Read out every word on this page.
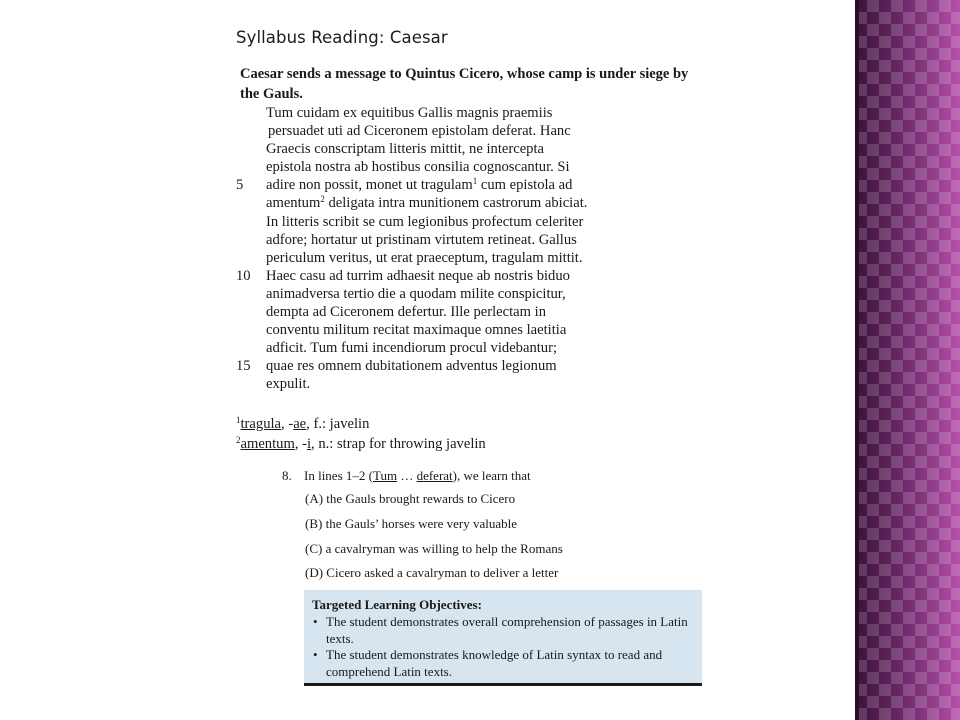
Syllabus Reading: Caesar
Caesar sends a message to Quintus Cicero, whose camp is under siege by the Gauls.
Tum cuidam ex equitibus Gallis magnis praemiis
persuadet uti ad Ciceronem epistolam deferat. Hanc
Graecis conscriptam litteris mittit, ne intercepta
epistola nostra ab hostibus consilia cognoscantur. Si
5	adire non possit, monet ut tragulam$^1$ cum epistola ad
amentum$^2$ deligata intra munitionem castrorum abiciat.
In litteris scribit se cum legionibus profectum celeriter
adfore; hortatur ut pristinam virtutem retineat. Gallus
periculum veritus, ut erat praeceptum, tragulam mittit.
10	Haec casu ad turrim adhaesit neque ab nostris biduo
animadversa tertio die a quodam milite conspicitur,
dempta ad Ciceronem defertur. Ille perlectam in
conventu militum recitat maximaque omnes laetitia
adficit. Tum fumi incendiorum procul videbantur;
15	quae res omnem dubitationem adventus legionum
expulit.
$^1$tragula, -ae, f.: javelin
$^2$amentum, -i, n.: strap for throwing javelin
8. In lines 1–2 (Tum … deferat), we learn that
(A) the Gauls brought rewards to Cicero
(B) the Gauls’ horses were very valuable
(C) a cavalryman was willing to help the Romans
(D) Cicero asked a cavalryman to deliver a letter
Targeted Learning Objectives:
• The student demonstrates overall comprehension of passages in Latin texts.
• The student demonstrates knowledge of Latin syntax to read and comprehend Latin texts.
